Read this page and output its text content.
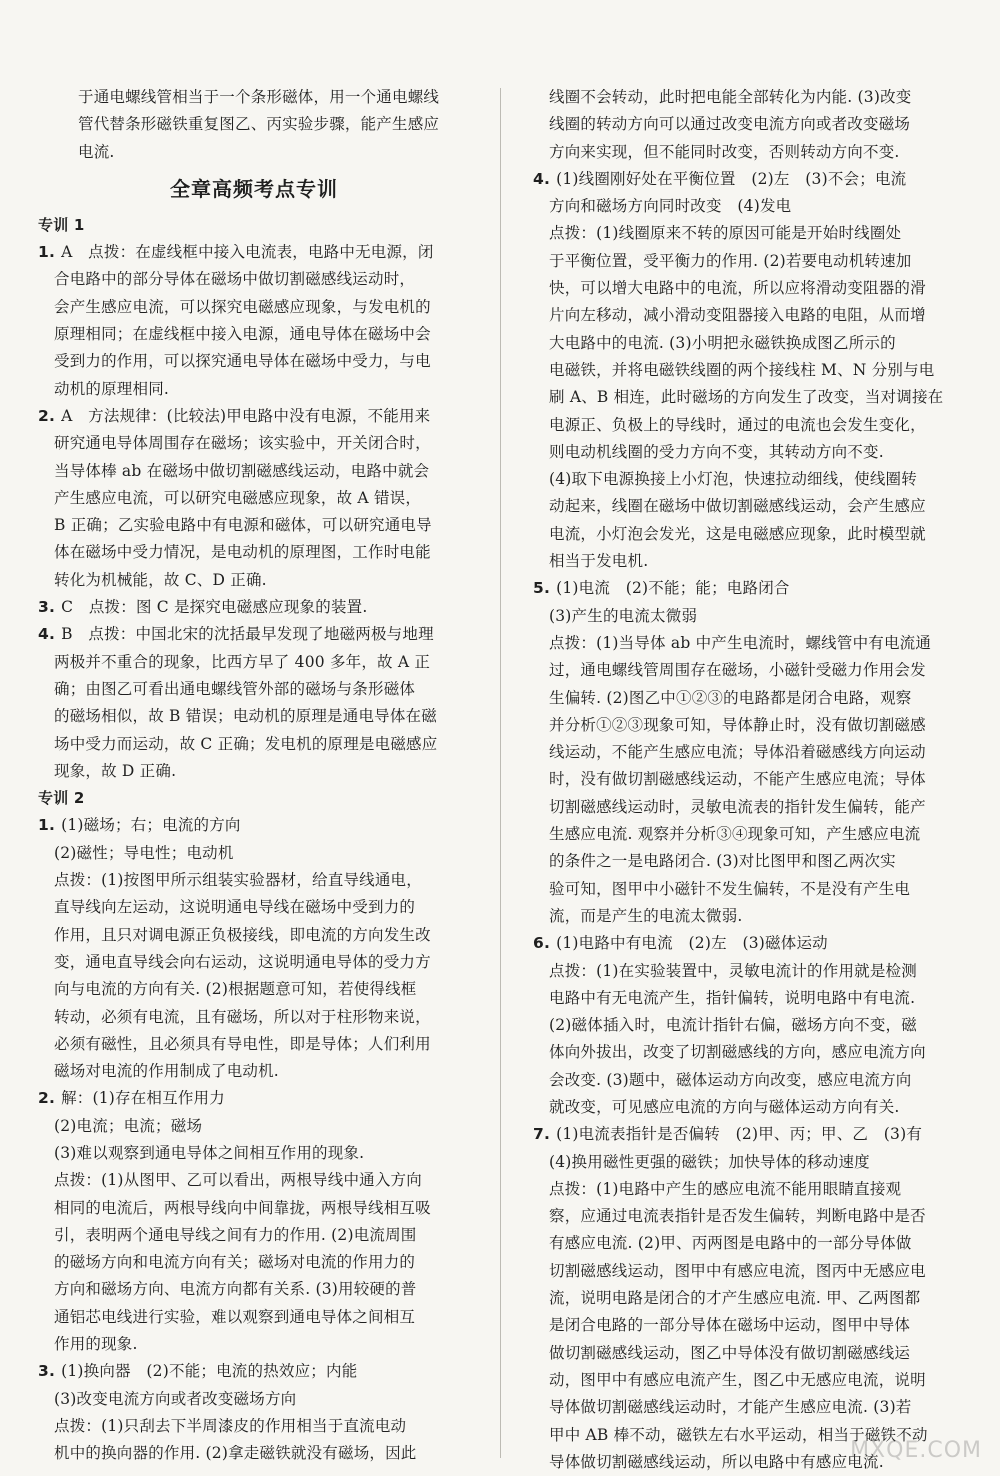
于通电螺线管相当于一个条形磁体，用一个通电螺线
管代替条形磁铁重复图乙、丙实验步骤，能产生感应
电流.
全章高频考点专训
专训 1
1. A　点拨：在虚线框中接入电流表，电路中无电源，闭
合电路中的部分导体在磁场中做切割磁感线运动时，
会产生感应电流，可以探究电磁感应现象，与发电机的
原理相同；在虚线框中接入电源，通电导体在磁场中会
受到力的作用，可以探究通电导体在磁场中受力，与电
动机的原理相同.
2. A　方法规律：(比较法)甲电路中没有电源，不能用来
研究通电导体周围存在磁场；该实验中，开关闭合时，
当导体棒 ab 在磁场中做切割磁感线运动，电路中就会
产生感应电流，可以研究电磁感应现象，故 A 错误，
B 正确；乙实验电路中有电源和磁体，可以研究通电导
体在磁场中受力情况，是电动机的原理图，工作时电能
转化为机械能，故 C、D 正确.
3. C　点拨：图 C 是探究电磁感应现象的装置.
4. B　点拨：中国北宋的沈括最早发现了地磁两极与地理
两极并不重合的现象，比西方早了 400 多年，故 A 正
确；由图乙可看出通电螺线管外部的磁场与条形磁体
的磁场相似，故 B 错误；电动机的原理是通电导体在磁
场中受力而运动，故 C 正确；发电机的原理是电磁感应
现象，故 D 正确.
专训 2
1. (1)磁场；右；电流的方向
(2)磁性；导电性；电动机
点拨：(1)按图甲所示组装实验器材，给直导线通电，
直导线向左运动，这说明通电导线在磁场中受到力的
作用，且只对调电源正负极接线，即电流的方向发生改
变，通电直导线会向右运动，这说明通电导体的受力方
向与电流的方向有关. (2)根据题意可知，若使得线框
转动，必须有电流，且有磁场，所以对于柱形物来说，
必须有磁性，且必须具有导电性，即是导体；人们利用
磁场对电流的作用制成了电动机.
2. 解：(1)存在相互作用力
(2)电流；电流；磁场
(3)难以观察到通电导体之间相互作用的现象.
点拨：(1)从图甲、乙可以看出，两根导线中通入方向
相同的电流后，两根导线向中间靠拢，两根导线相互吸
引，表明两个通电导线之间有力的作用. (2)电流周围
的磁场方向和电流方向有关；磁场对电流的作用力的
方向和磁场方向、电流方向都有关系. (3)用较硬的普
通铝芯电线进行实验，难以观察到通电导体之间相互
作用的现象.
3. (1)换向器　(2)不能；电流的热效应；内能
(3)改变电流方向或者改变磁场方向
点拨：(1)只刮去下半周漆皮的作用相当于直流电动
机中的换向器的作用. (2)拿走磁铁就没有磁场，因此
线圈不会转动，此时把电能全部转化为内能. (3)改变
线圈的转动方向可以通过改变电流方向或者改变磁场
方向来实现，但不能同时改变，否则转动方向不变.
4. (1)线圈刚好处在平衡位置　(2)左　(3)不会；电流
方向和磁场方向同时改变　(4)发电
点拨：(1)线圈原来不转的原因可能是开始时线圈处
于平衡位置，受平衡力的作用. (2)若要电动机转速加
快，可以增大电路中的电流，所以应将滑动变阻器的滑
片向左移动，减小滑动变阻器接入电路的电阻，从而增
大电路中的电流. (3)小明把永磁铁换成图乙所示的
电磁铁，并将电磁铁线圈的两个接线柱 M、N 分别与电
刷 A、B 相连，此时磁场的方向发生了改变，当对调接在
电源正、负极上的导线时，通过的电流也会发生变化，
则电动机线圈的受力方向不变，其转动方向不变.
(4)取下电源换接上小灯泡，快速拉动细线，使线圈转
动起来，线圈在磁场中做切割磁感线运动，会产生感应
电流，小灯泡会发光，这是电磁感应现象，此时模型就
相当于发电机.
5. (1)电流　(2)不能；能；电路闭合
(3)产生的电流太微弱
点拨：(1)当导体 ab 中产生电流时，螺线管中有电流通
过，通电螺线管周围存在磁场，小磁针受磁力作用会发
生偏转. (2)图乙中①②③的电路都是闭合电路，观察
并分析①②③现象可知，导体静止时，没有做切割磁感
线运动，不能产生感应电流；导体沿着磁感线方向运动
时，没有做切割磁感线运动，不能产生感应电流；导体
切割磁感线运动时，灵敏电流表的指针发生偏转，能产
生感应电流. 观察并分析③④现象可知，产生感应电流
的条件之一是电路闭合. (3)对比图甲和图乙两次实
验可知，图甲中小磁针不发生偏转，不是没有产生电
流，而是产生的电流太微弱.
6. (1)电路中有电流　(2)左　(3)磁体运动
点拨：(1)在实验装置中，灵敏电流计的作用就是检测
电路中有无电流产生，指针偏转，说明电路中有电流.
(2)磁体插入时，电流计指针右偏，磁场方向不变，磁
体向外拔出，改变了切割磁感线的方向，感应电流方向
会改变. (3)题中，磁体运动方向改变，感应电流方向
就改变，可见感应电流的方向与磁体运动方向有关.
7. (1)电流表指针是否偏转　(2)甲、丙；甲、乙　(3)有
(4)换用磁性更强的磁铁；加快导体的移动速度
点拨：(1)电路中产生的感应电流不能用眼睛直接观
察，应通过电流表指针是否发生偏转，判断电路中是否
有感应电流. (2)甲、丙两图是电路中的一部分导体做
切割磁感线运动，图甲中有感应电流，图丙中无感应电
流，说明电路是闭合的才产生感应电流. 甲、乙两图都
是闭合电路的一部分导体在磁场中运动，图甲中导体
做切割磁感线运动，图乙中导体没有做切割磁感线运
动，图甲中有感应电流产生，图乙中无感应电流，说明
导体做切割磁感线运动时，才能产生感应电流. (3)若
甲中 AB 棒不动，磁铁左右水平运动，相当于磁铁不动
导体做切割磁感线运动，所以电路中有感应电流.
MXQE.COM
